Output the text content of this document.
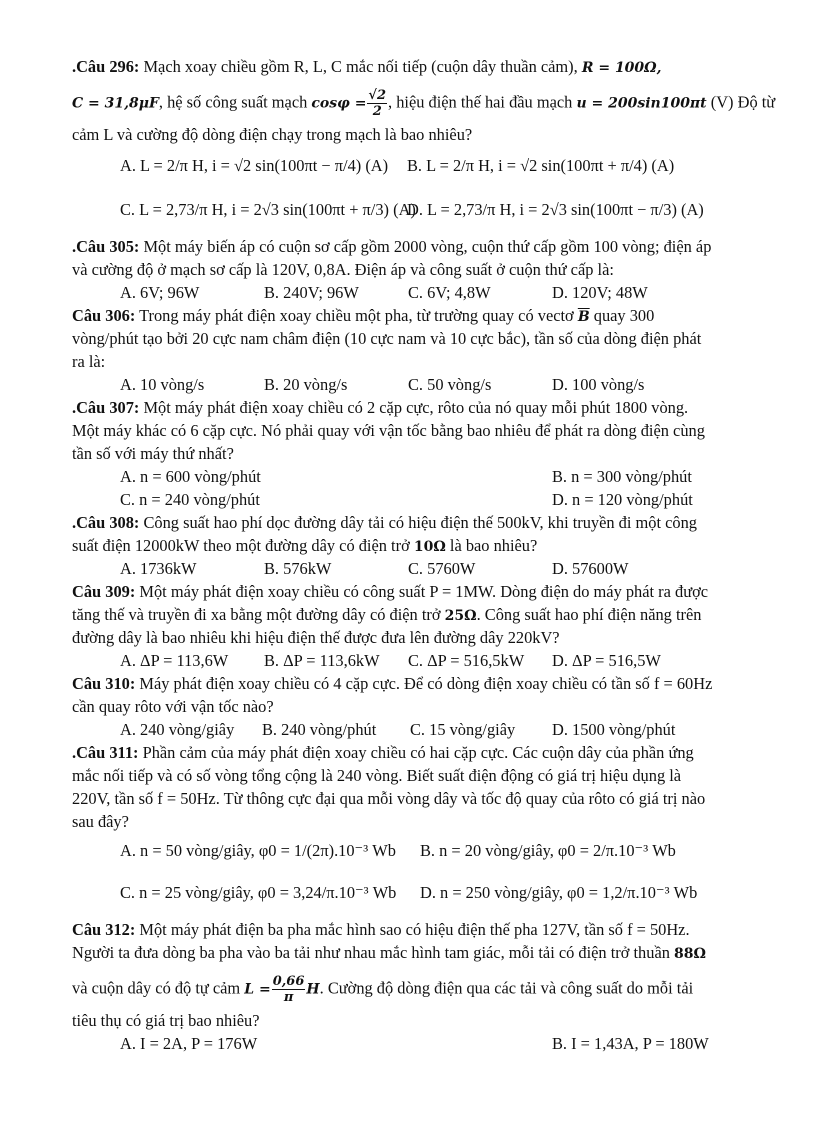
.Câu 296: Mạch xoay chiều gồm R, L, C mắc nối tiếp (cuộn dây thuần cảm), R = 100Ω,
C = 31,8μF, hệ số công suất mạch $\cos\varphi = \frac{√2}{2}$ , hiệu điện thế hai đầu mạch u = 200sin100πt (V) Độ từ
cảm L và cường độ dòng điện chạy trong mạch là bao nhiêu?
A. L = 2/π H, i = √2 sin(100πt − π/4) (A) B. L = 2/π H, i = √2 sin(100πt + π/4) (A)
C. L = 2,73/π H, i = 2√3 sin(100πt + π/3) (A)
D. L = 2,73/π H, i = 2√3 sin(100πt − π/3) (A)
.Câu 305: Một máy biến áp có cuộn sơ cấp gồm 2000 vòng, cuộn thứ cấp gồm 100 vòng; điện áp
và cường độ ở mạch sơ cấp là 120V, 0,8A. Điện áp và công suất ở cuộn thứ cấp là:
A. 6V; 96W	B. 240V; 96W	C. 6V; 4,8W	D. 120V; 48W
Câu 306: Trong máy phát điện xoay chiều một pha, từ trường quay có vectơ $\overline{B}$ quay 300
vòng/phút tạo bởi 20 cực nam châm điện (10 cực nam và 10 cực bắc), tần số của dòng điện phát
ra là:
A. 10 vòng/s	B. 20 vòng/s	C. 50 vòng/s	D. 100 vòng/s
.Câu 307: Một máy phát điện xoay chiều có 2 cặp cực, rôto của nó quay mỗi phút 1800 vòng.
Một máy khác có 6 cặp cực. Nó phải quay với vận tốc bằng bao nhiêu để phát ra dòng điện cùng
tần số với máy thứ nhất?
A. n = 600 vòng/phút	B. n = 300 vòng/phút
C. n = 240 vòng/phút	D. n = 120 vòng/phút
.Câu 308: Công suất hao phí dọc đường dây tải có hiệu điện thế 500kV, khi truyền đi một công
suất điện 12000kW theo một đường dây có điện trở 10Ω là bao nhiêu?
A. 1736kW	B. 576kW	C. 5760W	D. 57600W
Câu 309: Một máy phát điện xoay chiều có công suất P = 1MW. Dòng điện do máy phát ra được
tăng thế và truyền đi xa bằng một đường dây có điện trở 25Ω. Công suất hao phí điện năng trên
đường dây là bao nhiêu khi hiệu điện thế được đưa lên đường dây 220kV?
A. ΔP = 113,6W B. ΔP = 113,6kW C. ΔP = 516,5kW D. ΔP = 516,5W
Câu 310: Máy phát điện xoay chiều có 4 cặp cực. Để có dòng điện xoay chiều có tần số f = 60Hz
cần quay rôto với vận tốc nào?
A. 240 vòng/giây B. 240 vòng/phút C. 15 vòng/giây D. 1500 vòng/phút
.Câu 311: Phần cảm của máy phát điện xoay chiều có hai cặp cực. Các cuộn dây của phần ứng
mắc nối tiếp và có số vòng tổng cộng là 240 vòng. Biết suất điện động có giá trị hiệu dụng là
220V, tần số f = 50Hz. Từ thông cực đại qua mỗi vòng dây và tốc độ quay của rôto có giá trị nào
sau đây?
A. n = 50 vòng/giây, φ0 = 1/(2π).10⁻³ Wb B. n = 20 vòng/giây, φ0 = 2/π.10⁻³ Wb
C. n = 25 vòng/giây, φ0 = 3,24/π.10⁻³ Wb D. n = 250 vòng/giây, φ0 = 1,2/π.10⁻³ Wb
Câu 312: Một máy phát điện ba pha mắc hình sao có hiệu điện thế pha 127V, tần số f = 50Hz.
Người ta đưa dòng ba pha vào ba tải như nhau mắc hình tam giác, mỗi tải có điện trở thuần 88Ω
và cuộn dây có độ tự cảm $L = \frac{0,66}{\pi} H$. Cường độ dòng điện qua các tải và công suất do mỗi tải
tiêu thụ có giá trị bao nhiêu?
A. I = 2A, P = 176W	B. I = 1,43A, P = 180W
